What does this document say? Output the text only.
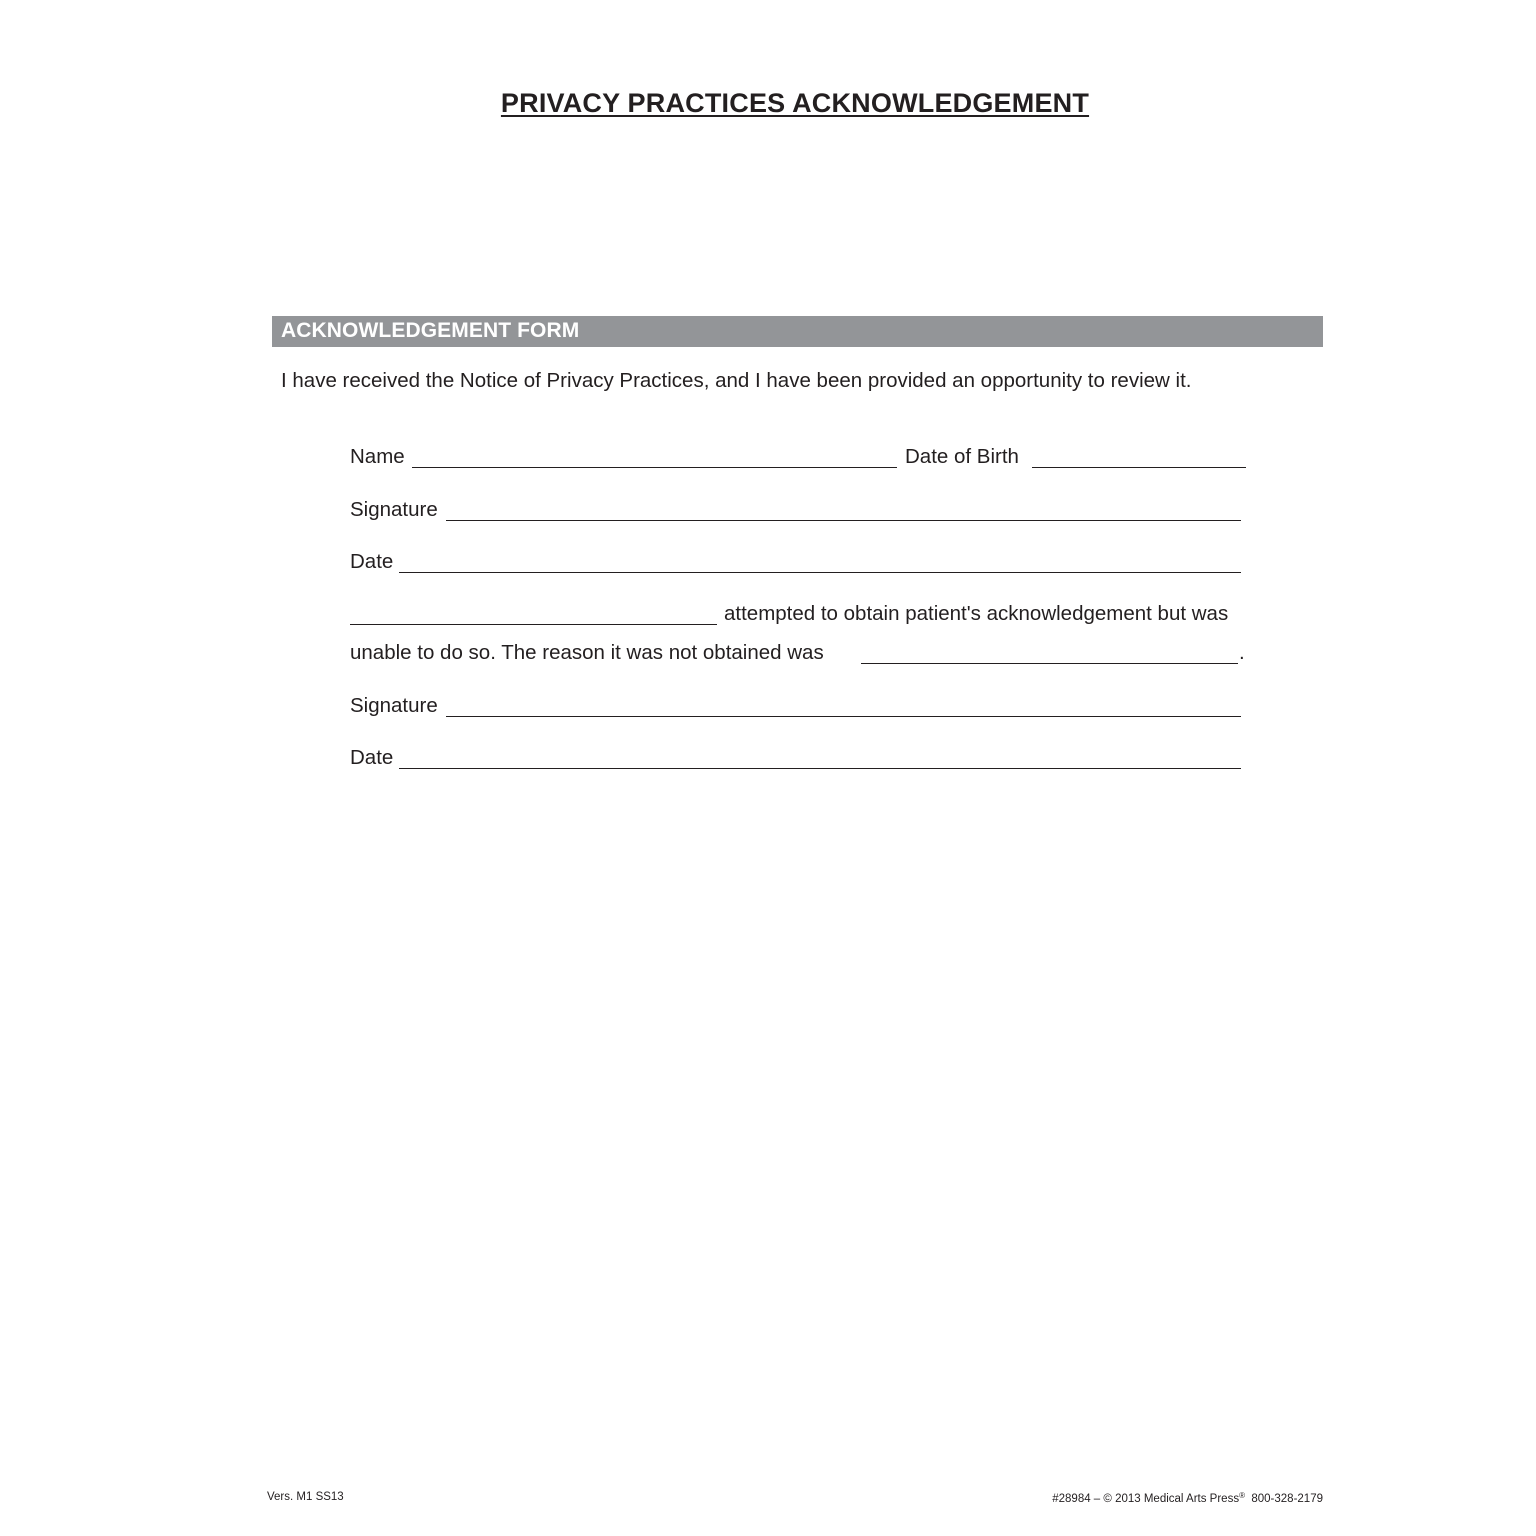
PRIVACY PRACTICES ACKNOWLEDGEMENT
ACKNOWLEDGEMENT FORM
I have received the Notice of Privacy Practices, and I have been provided an opportunity to review it.
Name	Date of Birth
Signature
Date
attempted to obtain patient's acknowledgement but was
unable to do so. The reason it was not obtained was	.
Signature
Date
Vers. M1 SS13	#28984 – © 2013 Medical Arts Press® 800-328-2179
